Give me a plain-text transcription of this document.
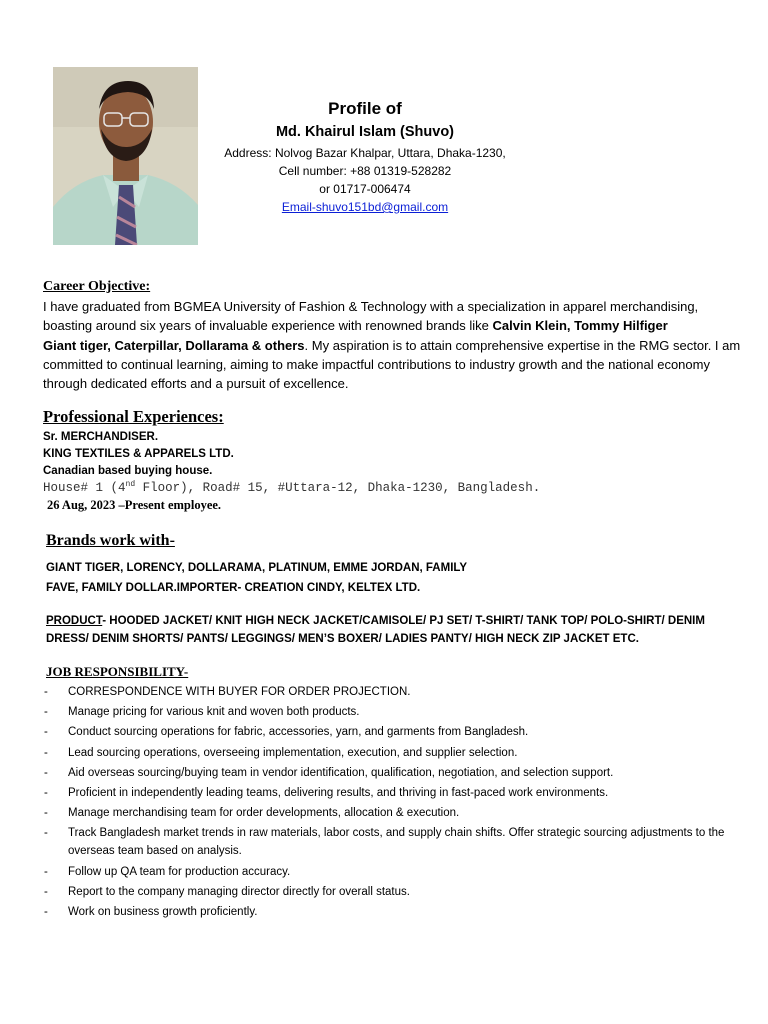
Profile of
Md. Khairul Islam (Shuvo)
Address: Nolvog Bazar Khalpar, Uttara, Dhaka-1230,
Cell number: +88 01319-528282
or 01717-006474
Email-shuvo151bd@gmail.com
Career Objective:
I have graduated from BGMEA University of Fashion & Technology with a specialization in apparel merchandising, boasting around six years of invaluable experience with renowned brands like Calvin Klein, Tommy Hilfiger
Giant tiger, Caterpillar, Dollarama & others. My aspiration is to attain comprehensive expertise in the RMG sector. I am committed to continual learning, aiming to make impactful contributions to industry growth and the national economy through dedicated efforts and a pursuit of excellence.
Professional Experiences:
Sr. MERCHANDISER.
KING TEXTILES & APPARELS LTD.
Canadian based buying house.
House# 1 (4nd Floor), Road# 15, #Uttara-12, Dhaka-1230, Bangladesh.
26 Aug, 2023 –Present employee.
Brands work with-
GIANT TIGER, LORENCY, DOLLARAMA, PLATINUM, EMME JORDAN, FAMILY
FAVE, FAMILY DOLLAR.IMPORTER- CREATION CINDY, KELTEX LTD.
PRODUCT- HOODED JACKET/ KNIT HIGH NECK JACKET/CAMISOLE/ PJ SET/ T-SHIRT/ TANK TOP/ POLO-SHIRT/ DENIM DRESS/ DENIM SHORTS/ PANTS/ LEGGINGS/ MEN’S BOXER/ LADIES PANTY/ HIGH NECK ZIP JACKET ETC.
JOB RESPONSIBILITY-
- CORRESPONDENCE WITH BUYER FOR ORDER PROJECTION.
- Manage pricing for various knit and woven both products.
- Conduct sourcing operations for fabric, accessories, yarn, and garments from Bangladesh.
- Lead sourcing operations, overseeing implementation, execution, and supplier selection.
- Aid overseas sourcing/buying team in vendor identification, qualification, negotiation, and selection support.
- Proficient in independently leading teams, delivering results, and thriving in fast-paced work environments.
- Manage merchandising team for order developments, allocation & execution.
- Track Bangladesh market trends in raw materials, labor costs, and supply chain shifts. Offer strategic sourcing adjustments to the overseas team based on analysis.
- Follow up QA team for production accuracy.
- Report to the company managing director directly for overall status.
- Work on business growth proficiently.
